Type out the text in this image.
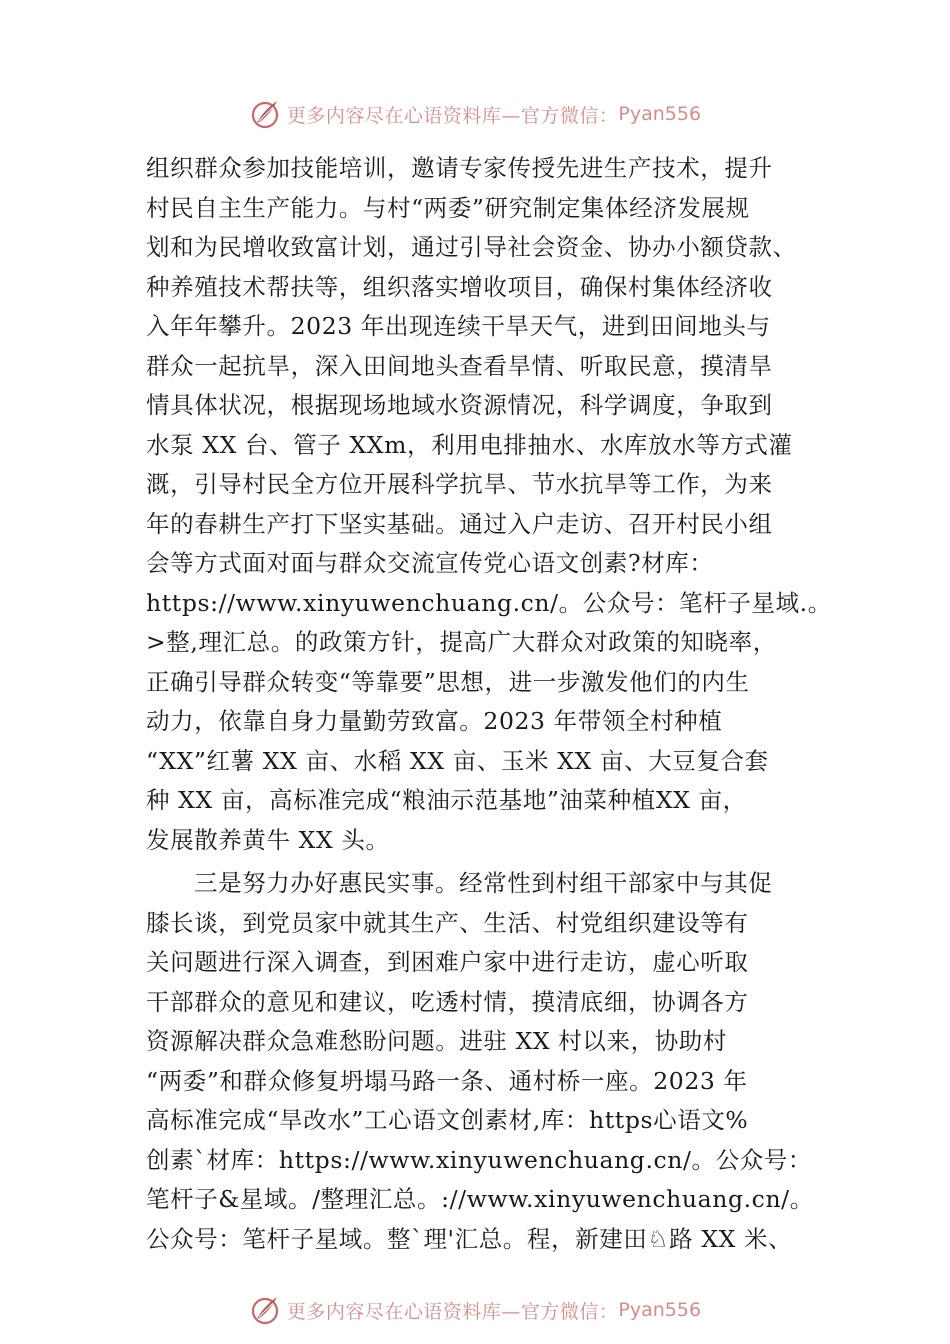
更多内容尽在心语资料库—官方微信： Pyan556
组织群众参加技能培训，邀请专家传授先进生产技术，提升
村民自主生产能力。与村“两委”研究制定集体经济发展规
划和为民增收致富计划，通过引导社会资金、协办小额贷款、
种养殖技术帮扶等，组织落实增收项目，确保村集体经济收
入年年攀升。2023 年出现连续干旱天气，进到田间地头与
群众一起抗旱，深入田间地头查看旱情、听取民意，摸清旱
情具体状况，根据现场地域水资源情况，科学调度，争取到
水泵 XX 台、管子 XXm，利用电排抽水、水库放水等方式灌
溉，引导村民全方位开展科学抗旱、节水抗旱等工作，为来
年的春耕生产打下坚实基础。通过入户走访、召开村民小组
会等方式面对面与群众交流宣传党心语文创素?材库：
https://www.xinyuwenchuang.cn/。公众号：笔杆子星域.。
>整,理汇总。的政策方针，提高广大群众对政策的知晓率，
正确引导群众转变“等靠要”思想，进一步激发他们的内生
动力，依靠自身力量勤劳致富。2023 年带领全村种植
“XX”红薯 XX 亩、水稻 XX 亩、玉米 XX 亩、大豆复合套
种 XX 亩，高标准完成“粮油示范基地”油菜种植XX 亩，
发展散养黄牛 XX 头。
三是努力办好惠民实事。经常性到村组干部家中与其促
膝长谈，到党员家中就其生产、生活、村党组织建设等有
关问题进行深入调查，到困难户家中进行走访，虚心听取
干部群众的意见和建议，吃透村情，摸清底细，协调各方
资源解决群众急难愁盼问题。进驻 XX 村以来，协助村
“两委”和群众修复坍塌马路一条、通村桥一座。2023 年
高标准完成“旱改水”工心语文创素材,库：https心语文%
创素`材库：https://www.xinyuwenchuang.cn/。公众号：
笔杆子&星域。/整理汇总。://www.xinyuwenchuang.cn/。
公众号：笔杆子星域。整`理'汇总。程，新建田♘路 XX 米、
更多内容尽在心语资料库—官方微信： Pyan556
